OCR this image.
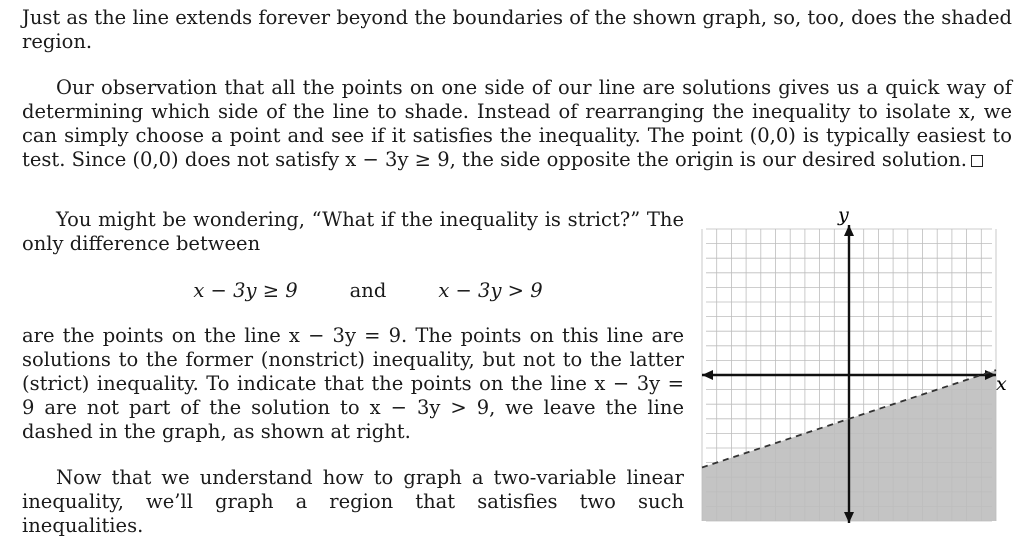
Just as the line extends forever beyond the boundaries of the shown graph, so, too, does the shaded region.

Our observation that all the points on one side of our line are solutions gives us a quick way of determining which side of the line to shade. Instead of rearranging the inequality to isolate x, we can simply choose a point and see if it satisfies the inequality. The point (0,0) is typically easiest to test. Since (0,0) does not satisfy x − 3y ≥ 9, the side opposite the origin is our desired solution.

You might be wondering, “What if the inequality is strict?” The only difference between

x − 3y ≥ 9	and	x − 3y > 9

are the points on the line x − 3y = 9. The points on this line are solutions to the former (nonstrict) inequality, but not to the latter (strict) inequality. To indicate that the points on the line x − 3y = 9 are not part of the solution to x − 3y > 9, we leave the line dashed in the graph, as shown at right.

Now that we understand how to graph a two-variable linear inequality, we’ll graph a region that satisfies two such inequalities.

y
x
